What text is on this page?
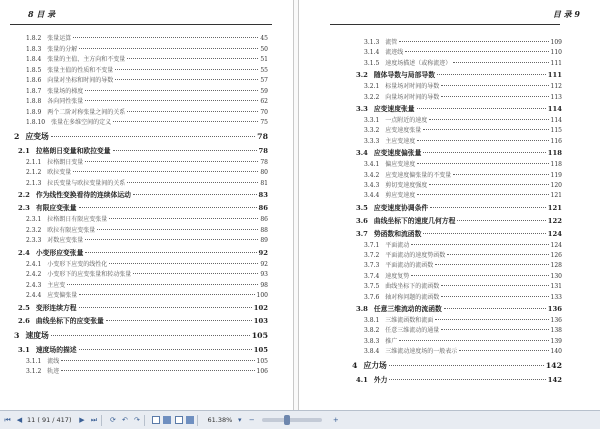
8 目 录
1.8.2 张量运算	45
1.8.3 张量的分解	50
1.8.4 张量的主值、主方向和不变量	51
1.8.5 张量主值的性质和不变量	55
1.8.6 向量对坐标和时间的导数	57
1.8.7 张量场的梯度	59
1.8.8 各向同性张量	62
1.8.9 两个二阶对称张量之间的关系	70
1.8.10 张量在多维空间的定义	75
2 应变场	78
2.1 拉格朗日变量和欧拉变量	78
2.1.1 拉格朗日变量	78
2.1.2 欧拉变量	80
2.1.3 拉氏变量与欧拉变量间的关系	81
2.2 作为线性变换看待的连续体运动	83
2.3 有限应变张量	86
2.3.1 拉格朗日有限应变张量	86
2.3.2 欧拉有限应变张量	88
2.3.3 对数应变张量	89
2.4 小变形应变张量	92
2.4.1 小变形下应变的线性化	92
2.4.2 小变形下的应变张量和转动张量	93
2.4.3 主应变	98
2.4.4 应变偏张量	100
2.5 变形连续方程	102
2.6 曲线坐标下的应变张量	103
3 速度场	105
3.1 速度场的描述	105
3.1.1 流线	105
3.1.2 轨迹	106
目 录 9
3.1.3 流管	109
3.1.4 流迹线	110
3.1.5 速度场描述（或称流迹）	111
3.2 随体导数与局部导数	111
3.2.1 标量场对时间的导数	112
3.2.2 向量场对时间的导数	113
3.3 应变速度张量	114
3.3.1 一点附近的速度	114
3.3.2 应变速度张量	115
3.3.3 主应变速度	116
3.4 应变速度偏张量	118
3.4.1 偏应变速度	118
3.4.2 应变速度偏张量的不变量	119
3.4.3 剪切变速度强度	120
3.4.4 剪应变速度	121
3.5 应变速度协调条件	121
3.6 曲线坐标下的速度几何方程	122
3.7 势函数和流函数	124
3.7.1 平面流动	124
3.7.2 平面流动的速度势函数	126
3.7.3 平面流动的流函数	128
3.7.4 速度复势	130
3.7.5 曲线坐标下的流函数	131
3.7.6 轴对称问题的流函数	133
3.8 任意三维流动的流函数	136
3.8.1 三维流函数和流面	136
3.8.2 任意三维流动的通量	138
3.8.3 推广	139
3.8.4 三维流动速度场的一般表示	140
4 应力场	142
4.1 外力	142
⏮ ◀ 11 ( 91 / 417) ▶ ⏭ ⟳ ↶ ↷	61.38% ▾	−	+
